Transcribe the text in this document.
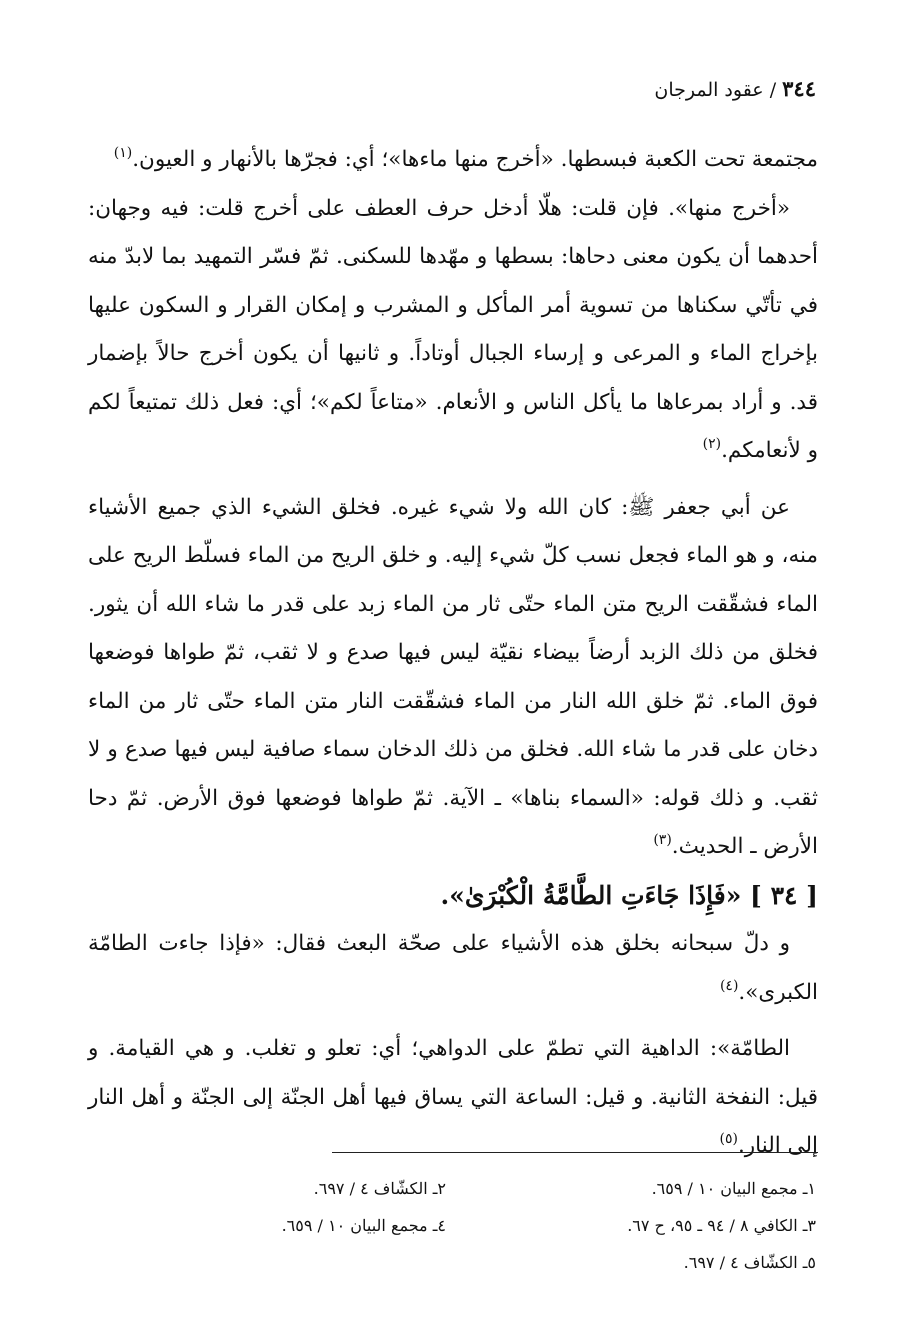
٣٤٤ / عقود المرجان

مجتمعة تحت الكعبة فبسطها. «أخرج منها ماءها»؛ أي: فجرّها بالأنهار و العيون.$^{(١)}$

«أخرج منها». فإن قلت: هلّا أدخل حرف العطف على أخرج قلت: فيه وجهان: أحدهما أن يكون معنى دحاها: بسطها و مهّدها للسكنى. ثمّ فسّر التمهيد بما لابدّ منه في تأتّي سكناها من تسوية أمر المأكل و المشرب و إمكان القرار و السكون عليها بإخراج الماء و المرعى و إرساء الجبال أوتاداً. و ثانيها أن يكون أخرج حالاً بإضمار قد. و أراد بمرعاها ما يأكل الناس و الأنعام. «متاعاً لكم»؛ أي: فعل ذلك تمتيعاً لكم و لأنعامكم.$^{(٢)}$

عن أبي جعفر ﷺ: كان الله ولا شيء غيره. فخلق الشيء الذي جميع الأشياء منه، و هو الماء فجعل نسب كلّ شيء إليه. و خلق الريح من الماء فسلّط الريح على الماء فشقّقت الريح متن الماء حتّى ثار من الماء زبد على قدر ما شاء الله أن يثور. فخلق من ذلك الزبد أرضاً بيضاء نقيّة ليس فيها صدع و لا ثقب، ثمّ طواها فوضعها فوق الماء. ثمّ خلق الله النار من الماء فشقّقت النار متن الماء حتّى ثار من الماء دخان على قدر ما شاء الله. فخلق من ذلك الدخان سماء صافية ليس فيها صدع و لا ثقب. و ذلك قوله: «السماء بناها» ـ الآية. ثمّ طواها فوضعها فوق الأرض. ثمّ دحا الأرض ـ الحديث.$^{(٣)}$

[ ٣٤ ] «فَإِذَا جَاءَتِ الطَّامَّةُ الْكُبْرَىٰ».

و دلّ سبحانه بخلق هذه الأشياء على صحّة البعث فقال: «فإذا جاءت الطامّة الكبرى».$^{(٤)}$

الطامّة»: الداهية التي تطمّ على الدواهي؛ أي: تعلو و تغلب. و هي القيامة. و قيل: النفخة الثانية. و قيل: الساعة التي يساق فيها أهل الجنّة إلى الجنّة و أهل النار إلى النار.$^{(٥)}$

١ـ مجمع البيان ١٠ / ٦٥٩.
٣ـ الكافي ٨ / ٩٤ ـ ٩٥، ح ٦٧.
٥ـ الكشّاف ٤ / ٦٩٧.
٢ـ الكشّاف ٤ / ٦٩٧.
٤ـ مجمع البيان ١٠ / ٦٥٩.
